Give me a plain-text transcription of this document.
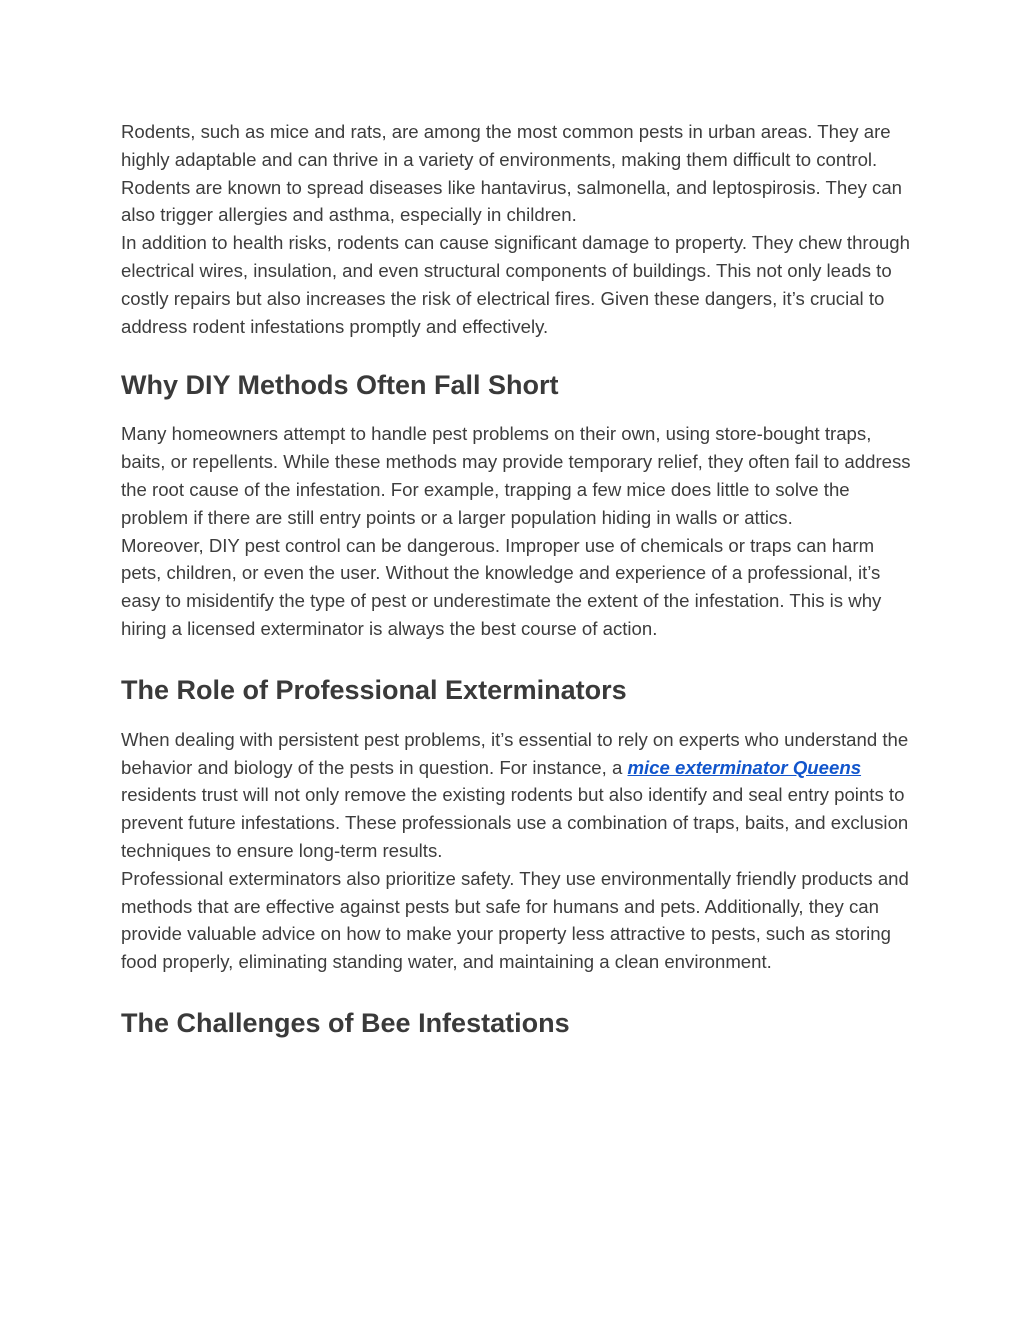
Rodents, such as mice and rats, are among the most common pests in urban areas. They are highly adaptable and can thrive in a variety of environments, making them difficult to control. Rodents are known to spread diseases like hantavirus, salmonella, and leptospirosis. They can also trigger allergies and asthma, especially in children.

In addition to health risks, rodents can cause significant damage to property. They chew through electrical wires, insulation, and even structural components of buildings. This not only leads to costly repairs but also increases the risk of electrical fires. Given these dangers, it’s crucial to address rodent infestations promptly and effectively.

Why DIY Methods Often Fall Short

Many homeowners attempt to handle pest problems on their own, using store-bought traps, baits, or repellents. While these methods may provide temporary relief, they often fail to address the root cause of the infestation. For example, trapping a few mice does little to solve the problem if there are still entry points or a larger population hiding in walls or attics.

Moreover, DIY pest control can be dangerous. Improper use of chemicals or traps can harm pets, children, or even the user. Without the knowledge and experience of a professional, it’s easy to misidentify the type of pest or underestimate the extent of the infestation. This is why hiring a licensed exterminator is always the best course of action.

The Role of Professional Exterminators

When dealing with persistent pest problems, it’s essential to rely on experts who understand the behavior and biology of the pests in question. For instance, a mice exterminator Queens residents trust will not only remove the existing rodents but also identify and seal entry points to prevent future infestations. These professionals use a combination of traps, baits, and exclusion techniques to ensure long-term results.

Professional exterminators also prioritize safety. They use environmentally friendly products and methods that are effective against pests but safe for humans and pets. Additionally, they can provide valuable advice on how to make your property less attractive to pests, such as storing food properly, eliminating standing water, and maintaining a clean environment.

The Challenges of Bee Infestations
